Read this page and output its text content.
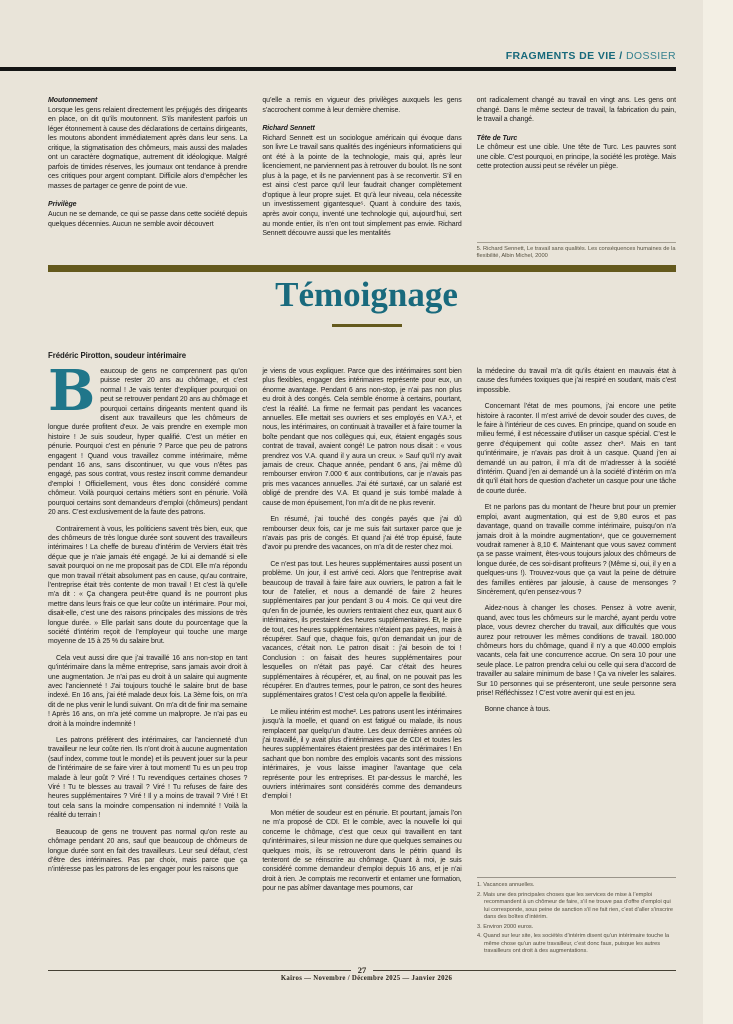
FRAGMENTS DE VIE / DOSSIER

Moutonnement

Lorsque les gens relaient directement les préjugés des dirigeants en place, on dit qu’ils moutonnent. S’ils manifestent parfois un léger étonnement à cause des déclarations de certains dirigeants, les moutons abondent immédiatement après dans leur sens. La critique, la stigmatisation des chômeurs, mais aussi des malades ont un caractère dogmatique, autrement dit idéologique. Malgré parfois de timides réserves, les journaux ont tendance à prendre ces critiques pour argent comptant. Difficile alors d’empêcher les masses de partager ce genre de point de vue.

Privilège

Aucun ne se demande, ce qui se passe dans cette société depuis quelques décennies. Aucun ne semble avoir découvert

qu’elle a remis en vigueur des privilèges auxquels les gens s’accrochent comme à leur dernière chemise.

Richard Sennett

Richard Sennett est un sociologue américain qui évoque dans son livre Le travail sans qualités des ingénieurs informaticiens qui ont été à la pointe de la technologie, mais qui, après leur licenciement, ne parviennent pas à retrouver du boulot. Ils ne sont plus à la page, et ils ne parviennent pas à se reconvertir. S’il en est ainsi c’est parce qu’il leur faudrait changer complètement d’optique à leur propre sujet. Et qu’à leur niveau, cela nécessite un investissement gigantesque⁵. Quant à conduire des taxis, après avoir conçu, inventé une technologie qui, aujourd’hui, sert au monde entier, ils n’en ont tout simplement pas envie. Richard Sennett découvre aussi que les mentalités

ont radicalement changé au travail en vingt ans. Les gens ont changé. Dans le même secteur de travail, la fabrication du pain, le travail a changé.

Tête de Turc

Le chômeur est une cible. Une tête de Turc. Les pauvres sont une cible. C’est pourquoi, en principe, la société les protège. Mais cette protection aussi peut se révéler un piège.

5. Richard Sennett, Le travail sans qualités. Les conséquences humaines de la flexibilité, Albin Michel, 2000
Témoignage
Frédéric Pirotton, soudeur intérimaire

Beaucoup de gens ne comprennent pas qu’on puisse rester 20 ans au chômage, et c’est normal ! Je vais tenter d’expliquer pourquoi on peut se retrouver pendant 20 ans au chômage et pourquoi certains dirigeants mentent quand ils disent aux travailleurs que les chômeurs de longue durée profitent d’eux. Je vais prendre en exemple mon histoire ! Je suis soudeur, hyper qualifié. C’est un métier en pénurie. Pourquoi c’est en pénurie ? Parce que peu de patrons engagent ! Quand vous travaillez comme intérimaire, même pendant 16 ans, sans discontinuer, vu que vous n’êtes pas engagé, pas sous contrat, vous restez inscrit comme demandeur d’emploi ! Officiellement, vous êtes donc considéré comme chômeur. Voilà pourquoi certains métiers sont en pénurie. Voilà pourquoi certains sont demandeurs d’emploi (chômeurs) pendant 20 ans. C’est exclusivement de la faute des patrons.

Contrairement à vous, les politiciens savent très bien, eux, que des chômeurs de très longue durée sont souvent des travailleurs intérimaires ! La cheffe de bureau d’intérim de Verviers était très déçue que je n’aie jamais été engagé. Je lui ai demandé si elle savait pourquoi on ne me proposait pas de CDI. Elle m’a répondu que mon travail n’était absolument pas en cause, qu’au contraire, l’entreprise était très contente de mon travail ! Et c’est là qu’elle m’a dit : « Ça changera peut-être quand ils ne pourront plus mettre dans leurs frais ce que leur coûte un intérimaire. Pour moi, disait-elle, c’est une des raisons principales des missions de très longue durée. » Elle parlait sans doute du pourcentage que la société d’intérim reçoit de l’employeur qui touche une marge moyenne de 15 à 25 % du salaire brut.

Cela veut aussi dire que j’ai travaillé 16 ans non-stop en tant qu’intérimaire dans la même entreprise, sans jamais avoir droit à une augmentation. Je n’ai pas eu droit à un salaire qui augmente avec l’ancienneté ! J’ai toujours touché le salaire brut de base indexé. En 16 ans, j’ai été malade deux fois. La 3ème fois, on m’a dit de ne plus venir le lundi suivant. On m’a dit de finir ma semaine ! Après 16 ans, on m’a jeté comme un malpropre. Je n’ai pas eu droit à la moindre indemnité !

Les patrons préfèrent des intérimaires, car l’ancienneté d’un travailleur ne leur coûte rien. Ils n’ont droit à aucune augmentation (sauf index, comme tout le monde) et ils peuvent jouer sur la peur de l’intérimaire de se faire virer à tout moment! Tu es un peu trop malade à leur goût ? Viré ! Tu revendiques certaines choses ? Viré ! Tu te blesses au travail ? Viré ! Tu refuses de faire des heures supplémentaires ? Viré ! Il y a moins de travail ? Viré ! Et tout cela sans la moindre compensation ni indemnité ! Voilà la réalité du terrain !

Beaucoup de gens ne trouvent pas normal qu’on reste au chômage pendant 20 ans, sauf que beaucoup de chômeurs de longue durée sont en fait des travailleurs. Leur seul défaut, c’est d’être des intérimaires. Pas par choix, mais parce que ça n’intéresse pas les patrons de les engager pour les raisons que

je viens de vous expliquer. Parce que des intérimaires sont bien plus flexibles, engager des intérimaires représente pour eux, un énorme avantage. Pendant 6 ans non-stop, je n’ai pas non plus eu droit à des congés. Cela semble énorme à certains, pourtant, c’est la réalité. La firme ne fermait pas pendant les vacances annuelles. Elle mettait ses ouvriers et ses employés en V.A.¹, et nous, les intérimaires, on continuait à travailler et à faire tourner la boîte pendant que nos collègues qui, eux, étaient engagés sous contrat de travail, avaient congé! Le patron nous disait : « vous prendrez vos V.A. quand il y aura un creux. » Sauf qu’il n’y avait jamais de creux. Chaque année, pendant 6 ans, j’ai même dû rembourser environ 7.000 € aux contributions, car je n’avais pas pris mes vacances annuelles. J’ai été surtaxé, car un salarié est obligé de prendre des V.A. Et quand je suis tombé malade à cause de mon épuisement, l’on m’a dit de ne plus revenir.

En résumé, j’ai touché des congés payés que j’ai dû rembourser deux fois, car je me suis fait surtaxer parce que je n’avais pas pris de congés. Et quand j’ai été trop épuisé, faute d’avoir pu prendre des vacances, on m’a dit de rester chez moi.

Ce n’est pas tout. Les heures supplémentaires aussi posent un problème. Un jour, il est arrivé ceci. Alors que l’entreprise avait beaucoup de travail à faire faire aux ouvriers, le patron a fait le tour de l’atelier, et nous a demandé de faire 2 heures supplémentaires par jour pendant 3 ou 4 mois. Ce qui veut dire qu’en fin de journée, les ouvriers rentraient chez eux, quant aux 6 intérimaires, ils prestaient des heures supplémentaires. Et, le pire de tout, ces heures supplémentaires n’étaient pas payées, mais à récupérer. Sauf que, chaque fois, qu’on demandait un jour de vacances, c’était non. Le patron disait : j’ai besoin de toi ! Conclusion : on faisait des heures supplémentaires pour lesquelles on n’était pas payé. Car c’était des heures supplémentaires à récupérer, et, au final, on ne pouvait pas les récupérer. En d’autres termes, pour le patron, ce sont des heures supplémentaires gratos ! C’est cela qu’on appelle la flexibilité.

Le milieu intérim est moche². Les patrons usent les intérimaires jusqu’à la moelle, et quand on est fatigué ou malade, ils nous remplacent par quelqu’un d’autre. Les deux dernières années où j’ai travaillé, il y avait plus d’intérimaires que de CDI et toutes les heures supplémentaires étaient prestées par des intérimaires ! En sachant que bon nombre des emplois vacants sont des missions intérimaires, je vous laisse imaginer l’avantage que cela représente pour les entreprises. Et par-dessus le marché, les ouvriers intérimaires sont considérés comme des demandeurs d’emploi !

Mon métier de soudeur est en pénurie. Et pourtant, jamais l’on ne m’a proposé de CDI. Et le comble, avec la nouvelle loi qui concerne le chômage, c’est que ceux qui travaillent en tant qu’intérimaires, si leur mission ne dure que quelques semaines ou quelques mois, ils se retrouveront dans le pétrin quand ils tenteront de se réinscrire au chômage. Quant à moi, je suis considéré comme demandeur d’emploi depuis 16 ans, et je n’ai droit à rien. Je comptais me reconvertir et entamer une formation, pour ne pas abîmer davantage mes poumons, car

la médecine du travail m’a dit qu’ils étaient en mauvais état à cause des fumées toxiques que j’ai respiré en soudant, mais c’est impossible.

Concernant l’état de mes poumons, j’ai encore une petite histoire à raconter. Il m’est arrivé de devoir souder des cuves, de le faire à l’intérieur de ces cuves. En principe, quand on soude en milieu fermé, il est nécessaire d’utiliser un casque spécial. C’est le genre d’équipement qui coûte assez cher³. Mais en tant qu’intérimaire, je n’avais pas droit à un casque. Quand j’en ai demandé un au patron, il m’a dit de m’adresser à la société d’intérim. Quand j’en ai demandé un à la société d’intérim on m’a dit qu’il était hors de question d’acheter un casque pour une tâche de courte durée.

Et ne parlons pas du montant de l’heure brut pour un premier emploi, avant augmentation, qui est de 9,80 euros et pas davantage, quand on travaille comme intérimaire, puisqu’on n’a jamais droit à la moindre augmentation⁴, que ce gouvernement voudrait ramener à 8,10 €. Maintenant que vous savez comment ça se passe vraiment, êtes-vous toujours jaloux des chômeurs de longue durée, de ces soi-disant profiteurs ? (Même si, oui, il y en a quelques-uns !). Trouvez-vous que ça vaut la peine de détruire des familles entières par jalousie, à cause de mensonges ? Sincèrement, qu’en pensez-vous ?

Aidez-nous à changer les choses. Pensez à votre avenir, quand, avec tous les chômeurs sur le marché, ayant perdu votre place, vous devrez chercher du travail, aux difficultés que vous aurez pour retrouver les mêmes conditions de travail. 180.000 chômeurs hors du chômage, quand il n’y a que 40.000 emplois vacants, cela fait une concurrence accrue. On sera 10 pour une seule place. Le patron prendra celui ou celle qui sera d’accord de travailler au salaire minimum de base ! Ça va niveler les salaires. Sur 10 personnes qui se présenteront, une seule personne sera prise! Réfléchissez ! C’est votre avenir qui est en jeu.

Bonne chance à tous.

1. Vacances annuelles.
2. Mais une des principales choses que les services de mise à l’emploi recommandent à un chômeur de faire, s’il ne trouve pas d’offre d’emploi qui lui corresponde, sous peine de sanction s’il ne fait rien, c’est d’aller s’inscrire dans des boîtes d’intérim.
3. Environ 2000 euros.
4. Quand sur leur site, les sociétés d’intérim disent qu’un intérimaire touche la même chose qu’un autre travailleur, c’est donc faux, puisque les autres travailleurs ont droit à des augmentations.
27
Kairos — Novembre / Décembre 2025 — Janvier 2026
